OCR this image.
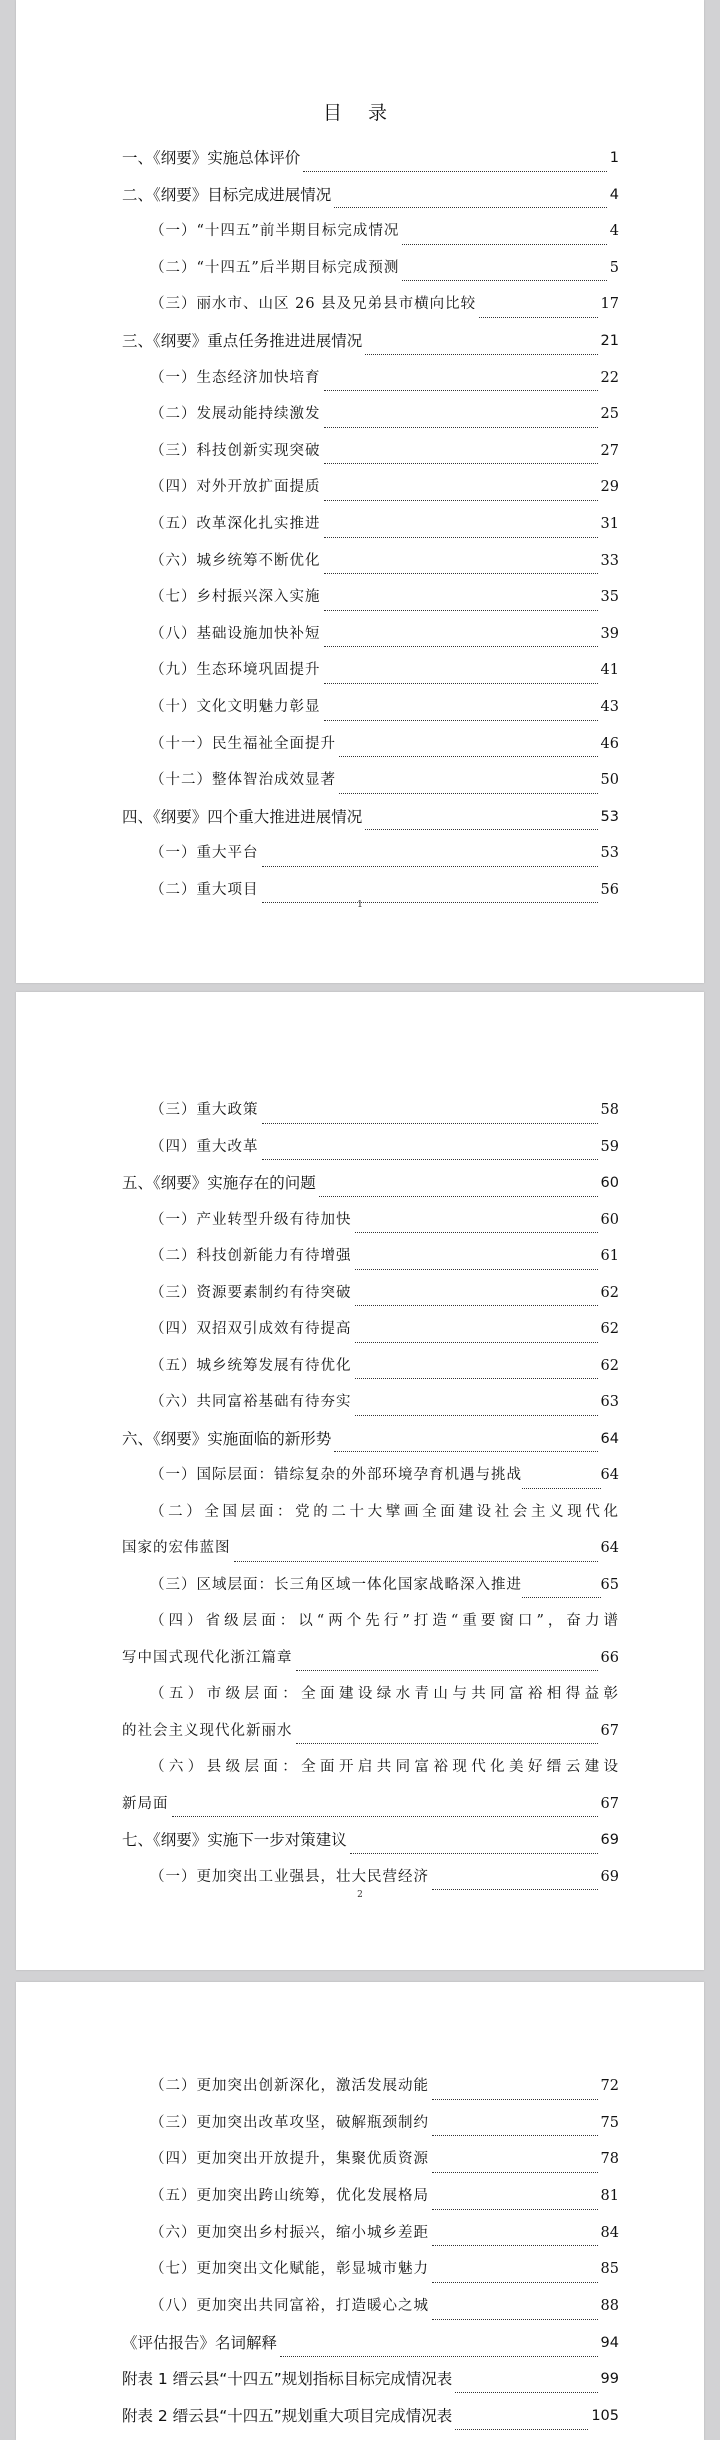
目 录
一、《纲要》实施总体评价	1
二、《纲要》目标完成进展情况	4
（一）“十四五”前半期目标完成情况	4
（二）“十四五”后半期目标完成预测	5
（三）丽水市、山区 26 县及兄弟县市横向比较	17
三、《纲要》重点任务推进进展情况	21
（一）生态经济加快培育	22
（二）发展动能持续激发	25
（三）科技创新实现突破	27
（四）对外开放扩面提质	29
（五）改革深化扎实推进	31
（六）城乡统筹不断优化	33
（七）乡村振兴深入实施	35
（八）基础设施加快补短	39
（九）生态环境巩固提升	41
（十）文化文明魅力彰显	43
（十一）民生福祉全面提升	46
（十二）整体智治成效显著	50
四、《纲要》四个重大推进进展情况	53
（一）重大平台	53
（二）重大项目	56
1
（三）重大政策	58
（四）重大改革	59
五、《纲要》实施存在的问题	60
（一）产业转型升级有待加快	60
（二）科技创新能力有待增强	61
（三）资源要素制约有待突破	62
（四）双招双引成效有待提高	62
（五）城乡统筹发展有待优化	62
（六）共同富裕基础有待夯实	63
六、《纲要》实施面临的新形势	64
（一）国际层面：错综复杂的外部环境孕育机遇与挑战	64
（二）全国层面：党的二十大擘画全面建设社会主义现代化
国家的宏伟蓝图	64
（三）区域层面：长三角区域一体化国家战略深入推进	65
（四）省级层面：以“两个先行”打造“重要窗口”，奋力谱
写中国式现代化浙江篇章	66
（五）市级层面：全面建设绿水青山与共同富裕相得益彰
的社会主义现代化新丽水	67
（六）县级层面：全面开启共同富裕现代化美好缙云建设
新局面	67
七、《纲要》实施下一步对策建议	69
（一）更加突出工业强县，壮大民营经济	69
2
（二）更加突出创新深化，激活发展动能	72
（三）更加突出改革攻坚，破解瓶颈制约	75
（四）更加突出开放提升，集聚优质资源	78
（五）更加突出跨山统筹，优化发展格局	81
（六）更加突出乡村振兴，缩小城乡差距	84
（七）更加突出文化赋能，彰显城市魅力	85
（八）更加突出共同富裕，打造暖心之城	88
《评估报告》名词解释	94
附表 1 缙云县“十四五”规划指标目标完成情况表	99
附表 2 缙云县“十四五”规划重大项目完成情况表	105
